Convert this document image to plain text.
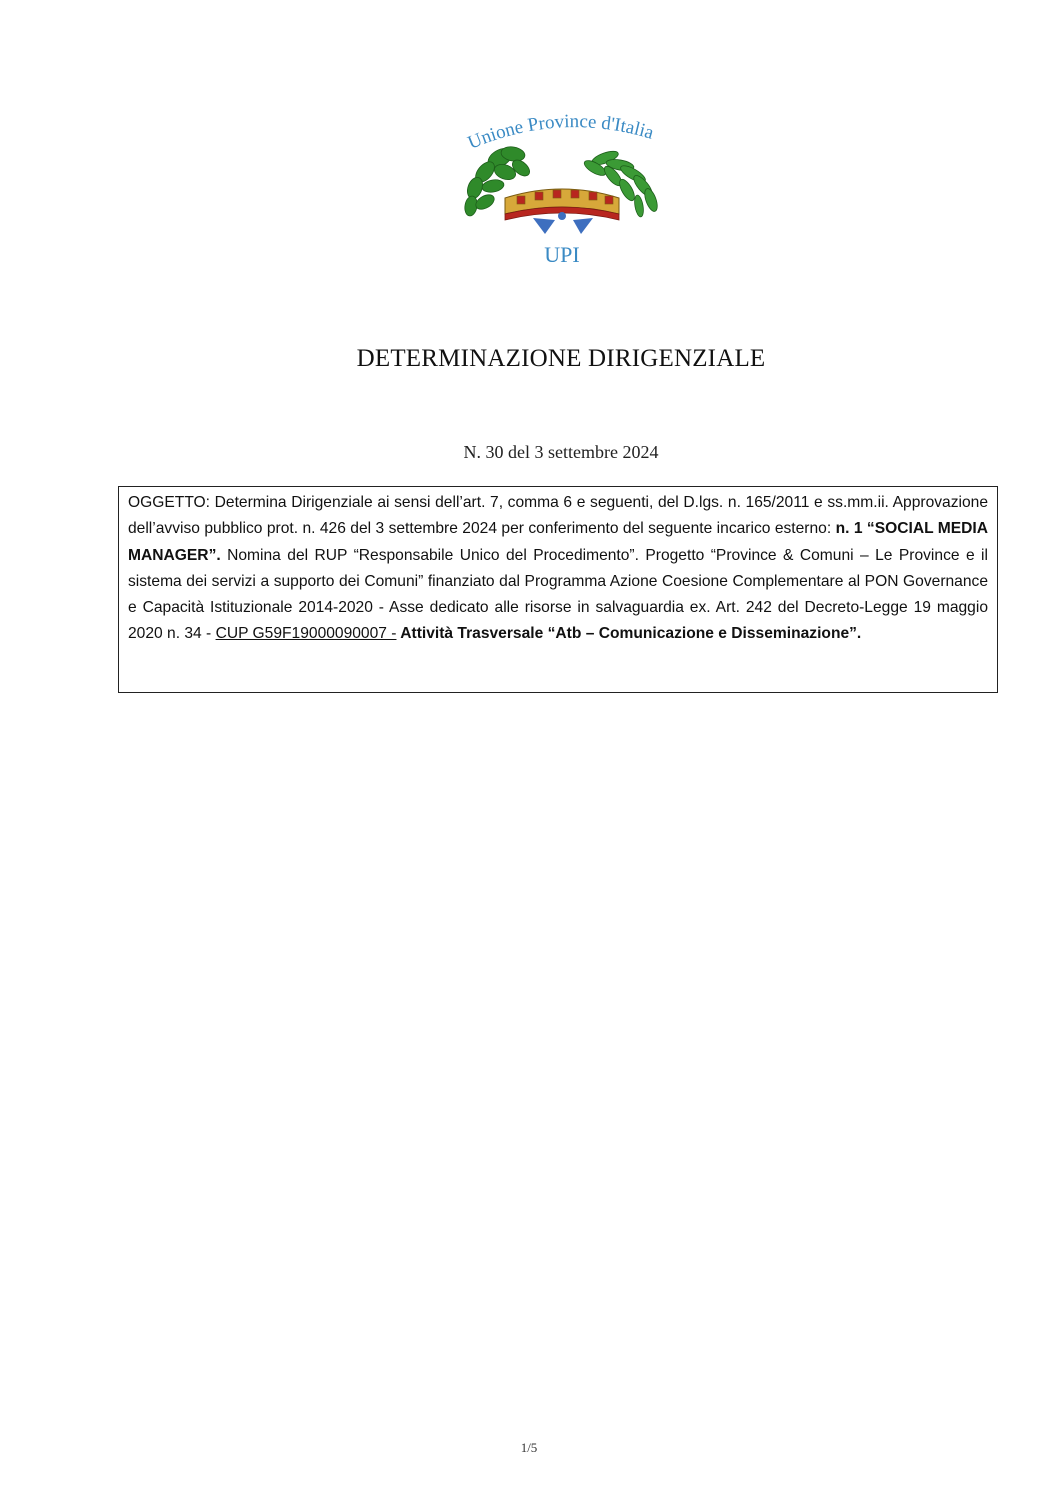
Unione Province d'Italia
UPI
DETERMINAZIONE DIRIGENZIALE
N. 30 del 3 settembre 2024
OGGETTO: Determina Dirigenziale ai sensi dell’art. 7, comma 6 e seguenti, del D.lgs. n. 165/2011 e ss.mm.ii. Approvazione dell’avviso pubblico prot. n. 426 del 3 settembre 2024 per conferimento del seguente incarico esterno: n. 1 “SOCIAL MEDIA MANAGER”. Nomina del RUP “Responsabile Unico del Procedimento”. Progetto “Province & Comuni – Le Province e il sistema dei servizi a supporto dei Comuni” finanziato dal Programma Azione Coesione Complementare al PON Governance e Capacità Istituzionale 2014-2020 - Asse dedicato alle risorse in salvaguardia ex. Art. 242 del Decreto-Legge 19 maggio 2020 n. 34 - CUP G59F19000090007 - Attività Trasversale “Atb – Comunicazione e Disseminazione”.
1/5
